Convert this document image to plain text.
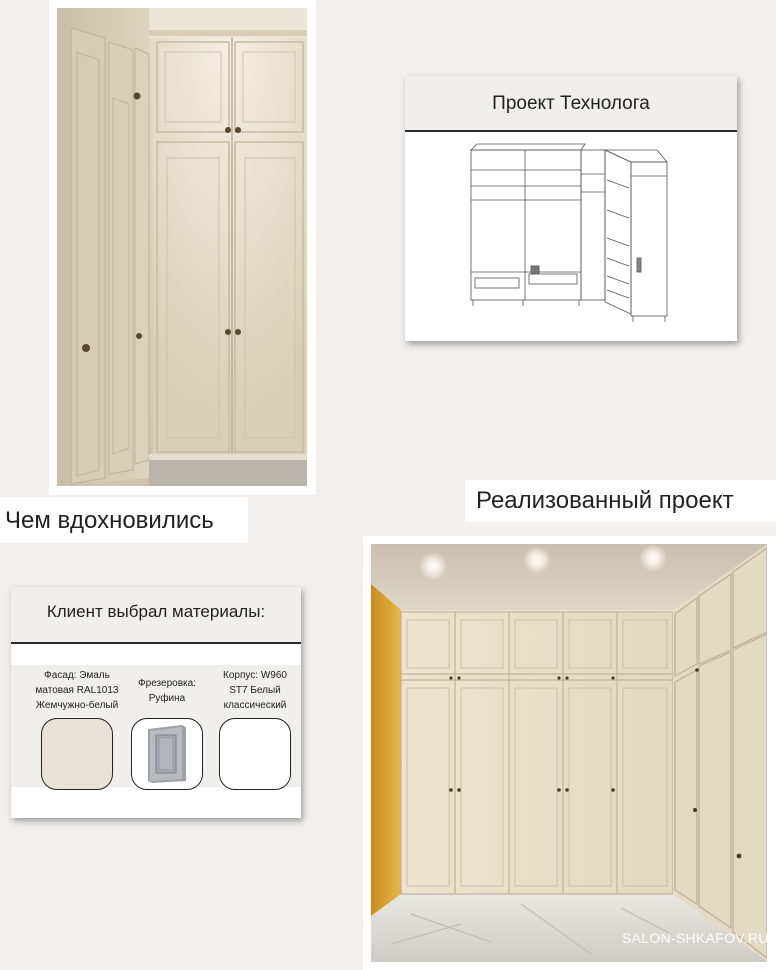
Проект Технолога
Реализованный проект
Чем вдохновились
Клиент выбрал материалы:
Фасад: Эмаль матовая RAL1013 Жемчужно-белый
Фрезеровка: Руфина
Корпус: W960 ST7 Белый классический
SALON-SHKAFOV.RU
